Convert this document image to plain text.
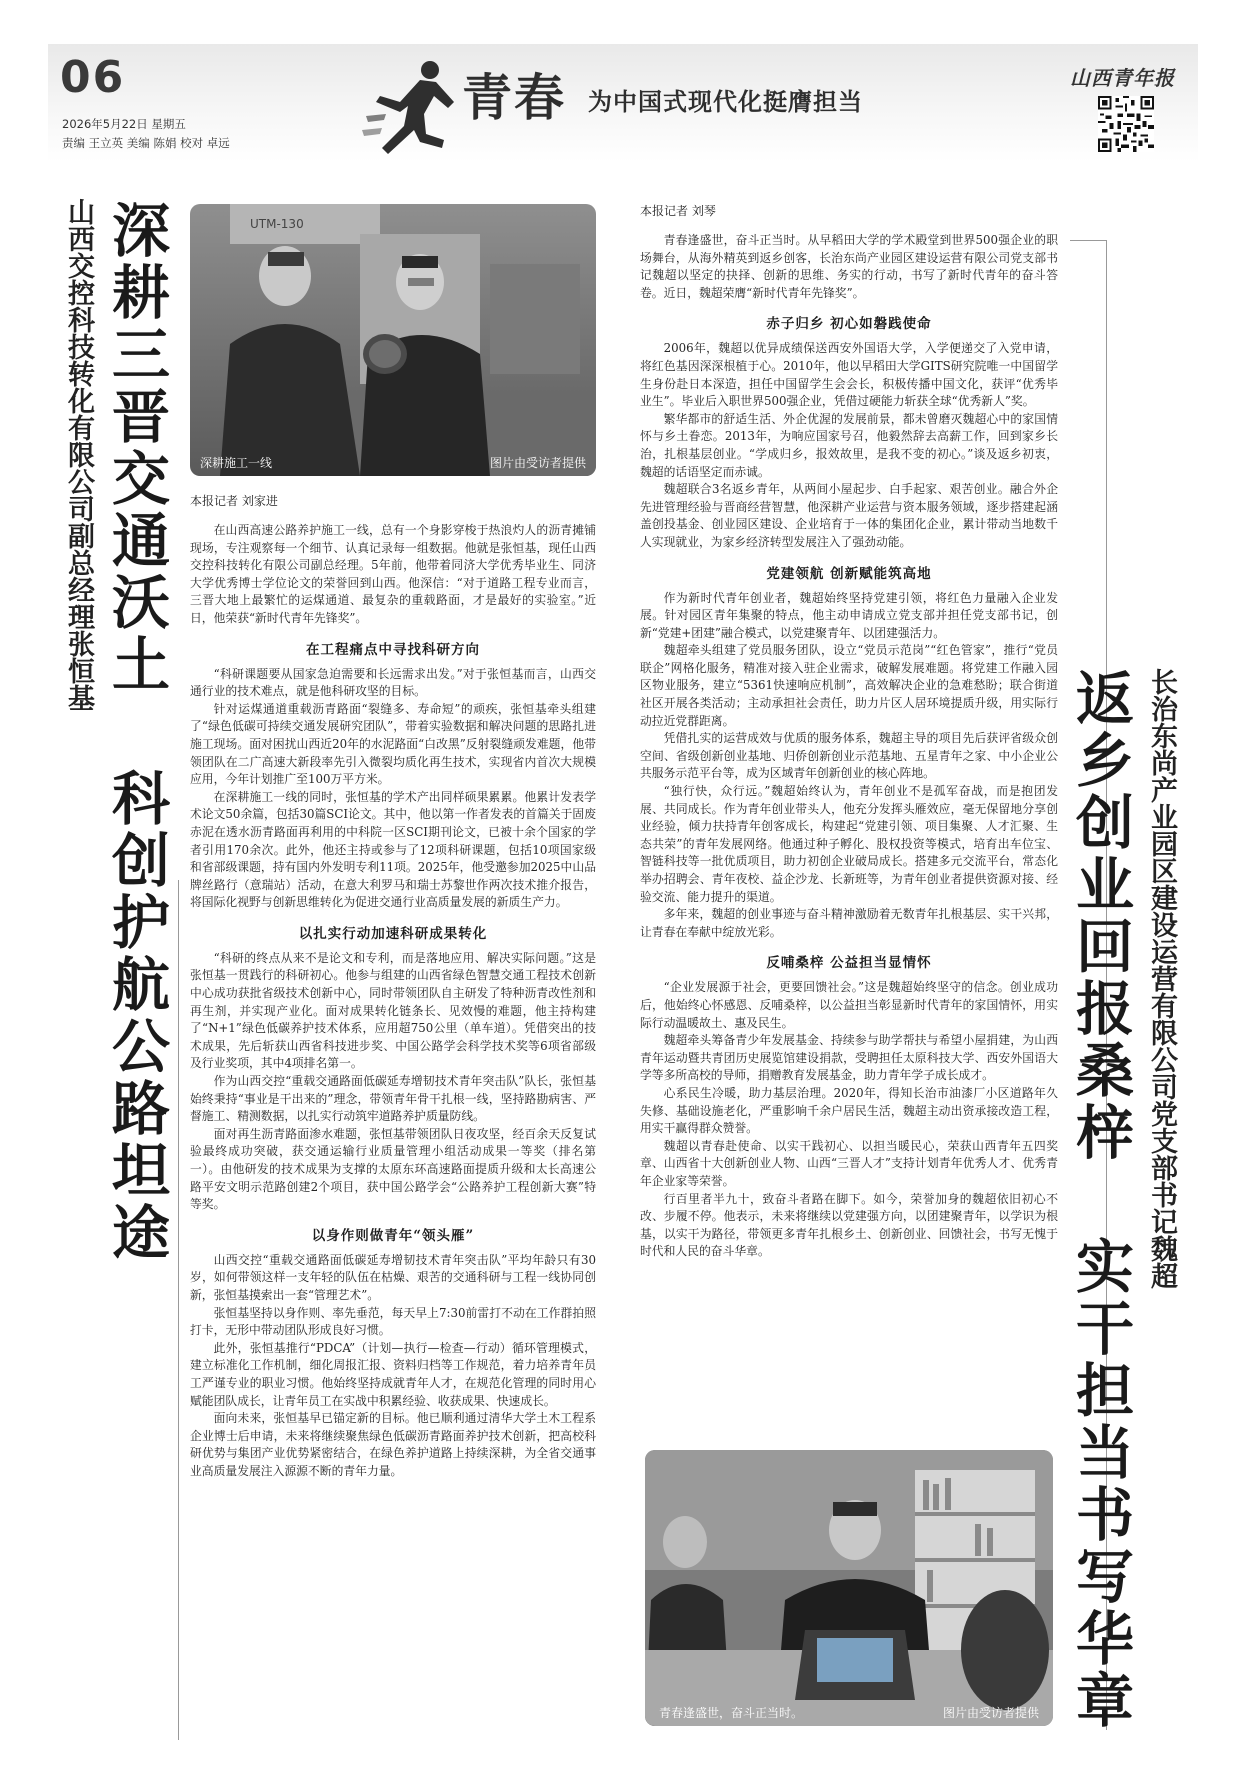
06
2026年5月22日 星期五
责编 王立英 美编 陈娟 校对 卓远
青春 为中国式现代化挺膺担当
山西青年报
山西交控科技转化有限公司副总经理张恒基 深耕三晋交通沃土 科创护航公路坦途	UTM-130
深耕施工一线	图片由受访者提供
本报记者 刘家进

在山西高速公路养护施工一线，总有一个身影穿梭于热浪灼人的沥青摊铺现场，专注观察每一个细节、认真记录每一组数据。他就是张恒基，现任山西交控科技转化有限公司副总经理。5年前，他带着同济大学优秀毕业生、同济大学优秀博士学位论文的荣誉回到山西。他深信：“对于道路工程专业而言，三晋大地上最繁忙的运煤通道、最复杂的重载路面，才是最好的实验室。”近日，他荣获“新时代青年先锋奖”。

在工程痛点中寻找科研方向

“科研课题要从国家急迫需要和长远需求出发。”对于张恒基而言，山西交通行业的技术难点，就是他科研攻坚的目标。

针对运煤通道重载沥青路面“裂缝多、寿命短”的顽疾，张恒基牵头组建了“绿色低碳可持续交通发展研究团队”，带着实验数据和解决问题的思路扎进施工现场。面对困扰山西近20年的水泥路面“白改黑”反射裂缝顽发难题，他带领团队在二广高速大新段率先引入微裂均质化再生技术，实现省内首次大规模应用，今年计划推广至100万平方米。

在深耕施工一线的同时，张恒基的学术产出同样硕果累累。他累计发表学术论文50余篇，包括30篇SCI论文。其中，他以第一作者发表的首篇关于固废赤泥在透水沥青路面再利用的中科院一区SCI期刊论文，已被十余个国家的学者引用170余次。此外，他还主持或参与了12项科研课题，包括10项国家级和省部级课题，持有国内外发明专利11项。2025年，他受邀参加2025中山品牌丝路行（意瑞站）活动，在意大利罗马和瑞士苏黎世作两次技术推介报告，将国际化视野与创新思维转化为促进交通行业高质量发展的新质生产力。

以扎实行动加速科研成果转化

“科研的终点从来不是论文和专利，而是落地应用、解决实际问题。”这是张恒基一贯践行的科研初心。他参与组建的山西省绿色智慧交通工程技术创新中心成功获批省级技术创新中心，同时带领团队自主研发了特种沥青改性剂和再生剂，并实现产业化。面对成果转化链条长、见效慢的难题，他主持构建了“N+1”绿色低碳养护技术体系，应用超750公里（单车道）。凭借突出的技术成果，先后斩获山西省科技进步奖、中国公路学会科学技术奖等6项省部级及行业奖项，其中4项排名第一。

作为山西交控“重载交通路面低碳延寿增韧技术青年突击队”队长，张恒基始终秉持“事业是干出来的”理念，带领青年骨干扎根一线，坚持路勘病害、严督施工、精测数据，以扎实行动筑牢道路养护质量防线。

面对再生沥青路面渗水难题，张恒基带领团队日夜攻坚，经百余天反复试验最终成功突破，获交通运输行业质量管理小组活动成果一等奖（排名第一）。由他研发的技术成果为支撑的太原东环高速路面提质升级和太长高速公路平安文明示范路创建2个项目，获中国公路学会“公路养护工程创新大赛”特等奖。

以身作则做青年“领头雁”

山西交控“重载交通路面低碳延寿增韧技术青年突击队”平均年龄只有30岁，如何带领这样一支年轻的队伍在枯燥、艰苦的交通科研与工程一线协同创新，张恒基摸索出一套“管理艺术”。

张恒基坚持以身作则、率先垂范，每天早上7:30前雷打不动在工作群拍照打卡，无形中带动团队形成良好习惯。

此外，张恒基推行“PDCA”（计划—执行—检查—行动）循环管理模式，建立标准化工作机制，细化周报汇报、资料归档等工作规范，着力培养青年员工严谨专业的职业习惯。他始终坚持成就青年人才，在规范化管理的同时用心赋能团队成长，让青年员工在实战中积累经验、收获成果、快速成长。

面向未来，张恒基早已锚定新的目标。他已顺利通过清华大学土木工程系企业博士后申请，未来将继续聚焦绿色低碳沥青路面养护技术创新，把高校科研优势与集团产业优势紧密结合，在绿色养护道路上持续深耕，为全省交通事业高质量发展注入源源不断的青年力量。

本报记者 刘琴

青春逢盛世，奋斗正当时。从早稻田大学的学术殿堂到世界500强企业的职场舞台，从海外精英到返乡创客，长治东尚产业园区建设运营有限公司党支部书记魏超以坚定的抉择、创新的思维、务实的行动，书写了新时代青年的奋斗答卷。近日，魏超荣膺“新时代青年先锋奖”。

赤子归乡 初心如磐践使命

2006年，魏超以优异成绩保送西安外国语大学，入学便递交了入党申请，将红色基因深深根植于心。2010年，他以早稻田大学GITS研究院唯一中国留学生身份赴日本深造，担任中国留学生会会长，积极传播中国文化，获评“优秀毕业生”。毕业后入职世界500强企业，凭借过硬能力斩获全球“优秀新人”奖。

繁华都市的舒适生活、外企优渥的发展前景，都未曾磨灭魏超心中的家国情怀与乡土眷恋。2013年，为响应国家号召，他毅然辞去高薪工作，回到家乡长治，扎根基层创业。“学成归乡，报效故里，是我不变的初心。”谈及返乡初衷，魏超的话语坚定而赤诚。

魏超联合3名返乡青年，从两间小屋起步、白手起家、艰苦创业。融合外企先进管理经验与晋商经营智慧，他深耕产业运营与资本服务领域，逐步搭建起涵盖创投基金、创业园区建设、企业培育于一体的集团化企业，累计带动当地数千人实现就业，为家乡经济转型发展注入了强劲动能。

党建领航 创新赋能筑高地

作为新时代青年创业者，魏超始终坚持党建引领，将红色力量融入企业发展。针对园区青年集聚的特点，他主动申请成立党支部并担任党支部书记，创新“党建+团建”融合模式，以党建聚青年、以团建强活力。

魏超牵头组建了党员服务团队，设立“党员示范岗”“红色管家”，推行“党员联企”网格化服务，精准对接入驻企业需求，破解发展难题。将党建工作融入园区物业服务，建立“5361快速响应机制”，高效解决企业的急难愁盼；联合街道社区开展各类活动；主动承担社会责任，助力片区人居环境提质升级，用实际行动拉近党群距离。

凭借扎实的运营成效与优质的服务体系，魏超主导的项目先后获评省级众创空间、省级创新创业基地、归侨创新创业示范基地、五星青年之家、中小企业公共服务示范平台等，成为区域青年创新创业的核心阵地。

“独行快，众行远。”魏超始终认为，青年创业不是孤军奋战，而是抱团发展、共同成长。作为青年创业带头人，他充分发挥头雁效应，毫无保留地分享创业经验，倾力扶持青年创客成长，构建起“党建引领、项目集聚、人才汇聚、生态共荣”的青年发展网络。他通过种子孵化、股权投资等模式，培育出车位宝、智链科技等一批优质项目，助力初创企业破局成长。搭建多元交流平台，常态化举办招聘会、青年夜校、益企沙龙、长新班等，为青年创业者提供资源对接、经验交流、能力提升的渠道。

多年来，魏超的创业事迹与奋斗精神激励着无数青年扎根基层、实干兴邦，让青春在奉献中绽放光彩。

反哺桑梓 公益担当显情怀

“企业发展源于社会，更要回馈社会。”这是魏超始终坚守的信念。创业成功后，他始终心怀感恩、反哺桑梓，以公益担当彰显新时代青年的家国情怀，用实际行动温暖故土、惠及民生。

魏超牵头筹备青少年发展基金、持续参与助学帮扶与希望小屋捐建，为山西青年运动暨共青团历史展览馆建设捐款，受聘担任太原科技大学、西安外国语大学等多所高校的导师，捐赠教育发展基金，助力青年学子成长成才。

心系民生冷暖，助力基层治理。2020年，得知长治市油漆厂小区道路年久失修、基础设施老化，严重影响千余户居民生活，魏超主动出资承接改造工程，用实干赢得群众赞誉。

魏超以青春赴使命、以实干践初心、以担当暖民心，荣获山西青年五四奖章、山西省十大创新创业人物、山西“三晋人才”支持计划青年优秀人才、优秀青年企业家等荣誉。

行百里者半九十，致奋斗者路在脚下。如今，荣誉加身的魏超依旧初心不改、步履不停。他表示，未来将继续以党建强方向，以团建聚青年，以学识为根基，以实干为路径，带领更多青年扎根乡土、创新创业、回馈社会，书写无愧于时代和人民的奋斗华章。

青春逢盛世，奋斗正当时。	图片由受访者提供
长治东尚产业园区建设运营有限公司党支部书记魏超
返乡创业回报桑梓 实干担当书写华章
